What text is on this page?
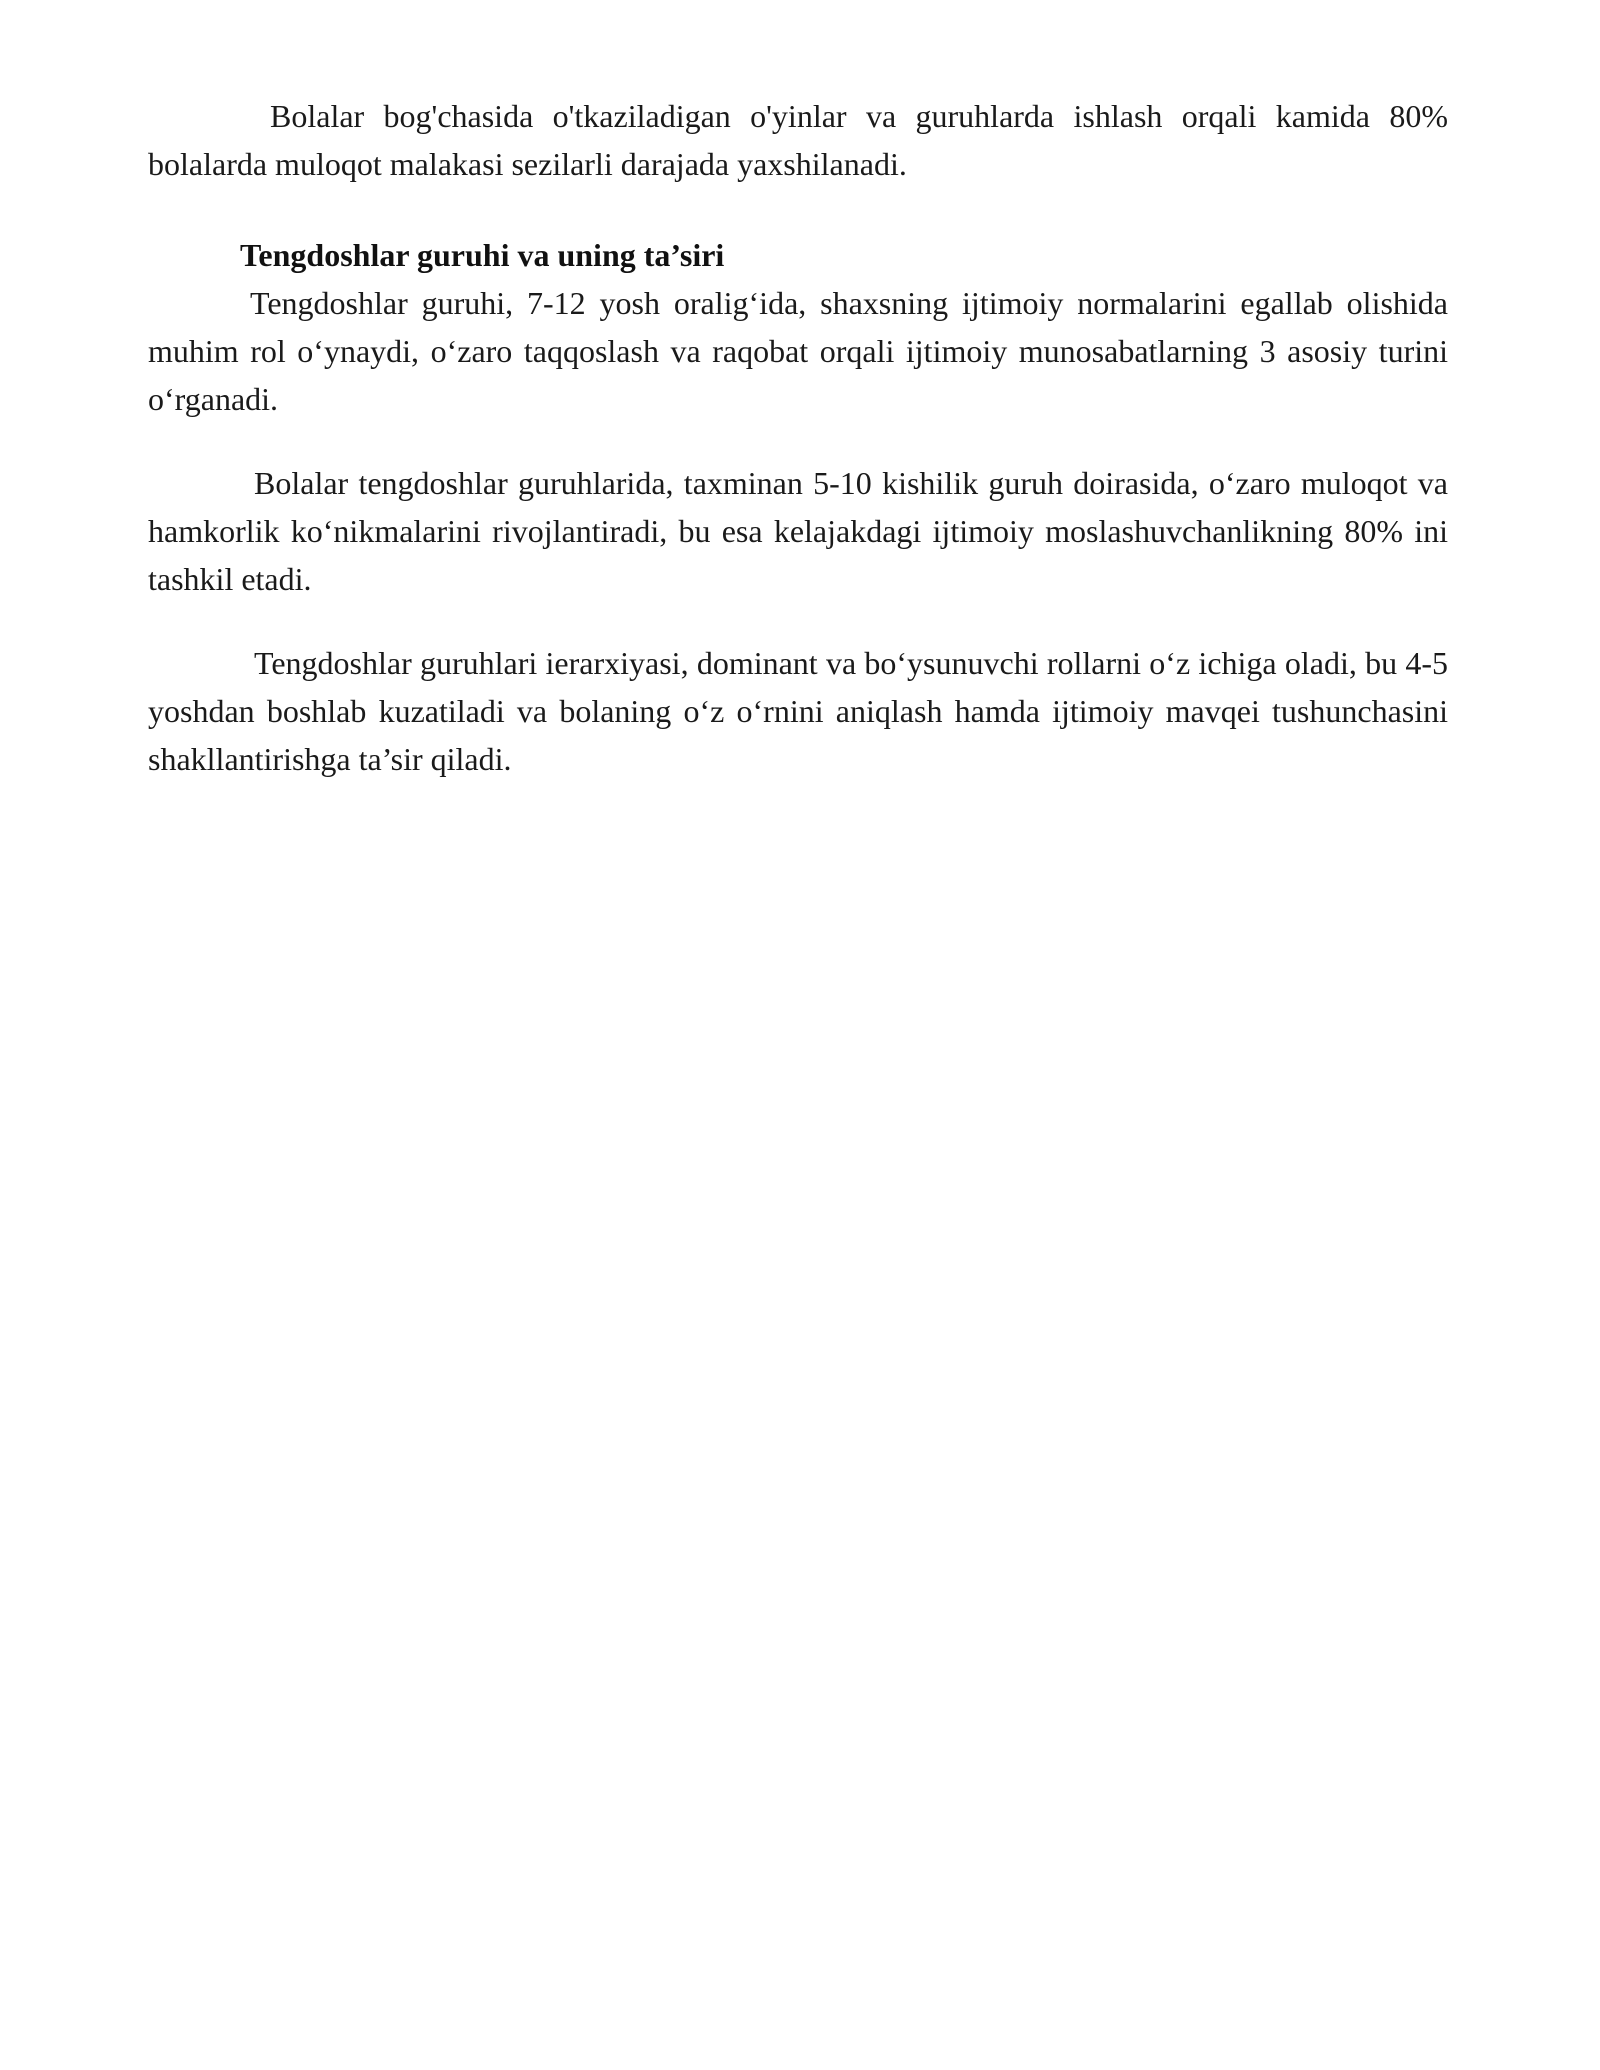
Bolalar bog'chasida o'tkaziladigan o'yinlar va guruhlarda ishlash orqali kamida 80% bolalarda muloqot malakasi sezilarli darajada yaxshilanadi.

Tengdoshlar guruhi va uning ta’siri

Tengdoshlar guruhi, 7-12 yosh oralig‘ida, shaxsning ijtimoiy normalarini egallab olishida muhim rol o‘ynaydi, o‘zaro taqqoslash va raqobat orqali ijtimoiy munosabatlarning 3 asosiy turini o‘rganadi.

Bolalar tengdoshlar guruhlarida, taxminan 5-10 kishilik guruh doirasida, o‘zaro muloqot va hamkorlik ko‘nikmalarini rivojlantiradi, bu esa kelajakdagi ijtimoiy moslashuvchanlikning 80% ini tashkil etadi.

Tengdoshlar guruhlari ierarxiyasi, dominant va bo‘ysunuvchi rollarni o‘z ichiga oladi, bu 4-5 yoshdan boshlab kuzatiladi va bolaning o‘z o‘rnini aniqlash hamda ijtimoiy mavqei tushunchasini shakllantirishga ta’sir qiladi.
